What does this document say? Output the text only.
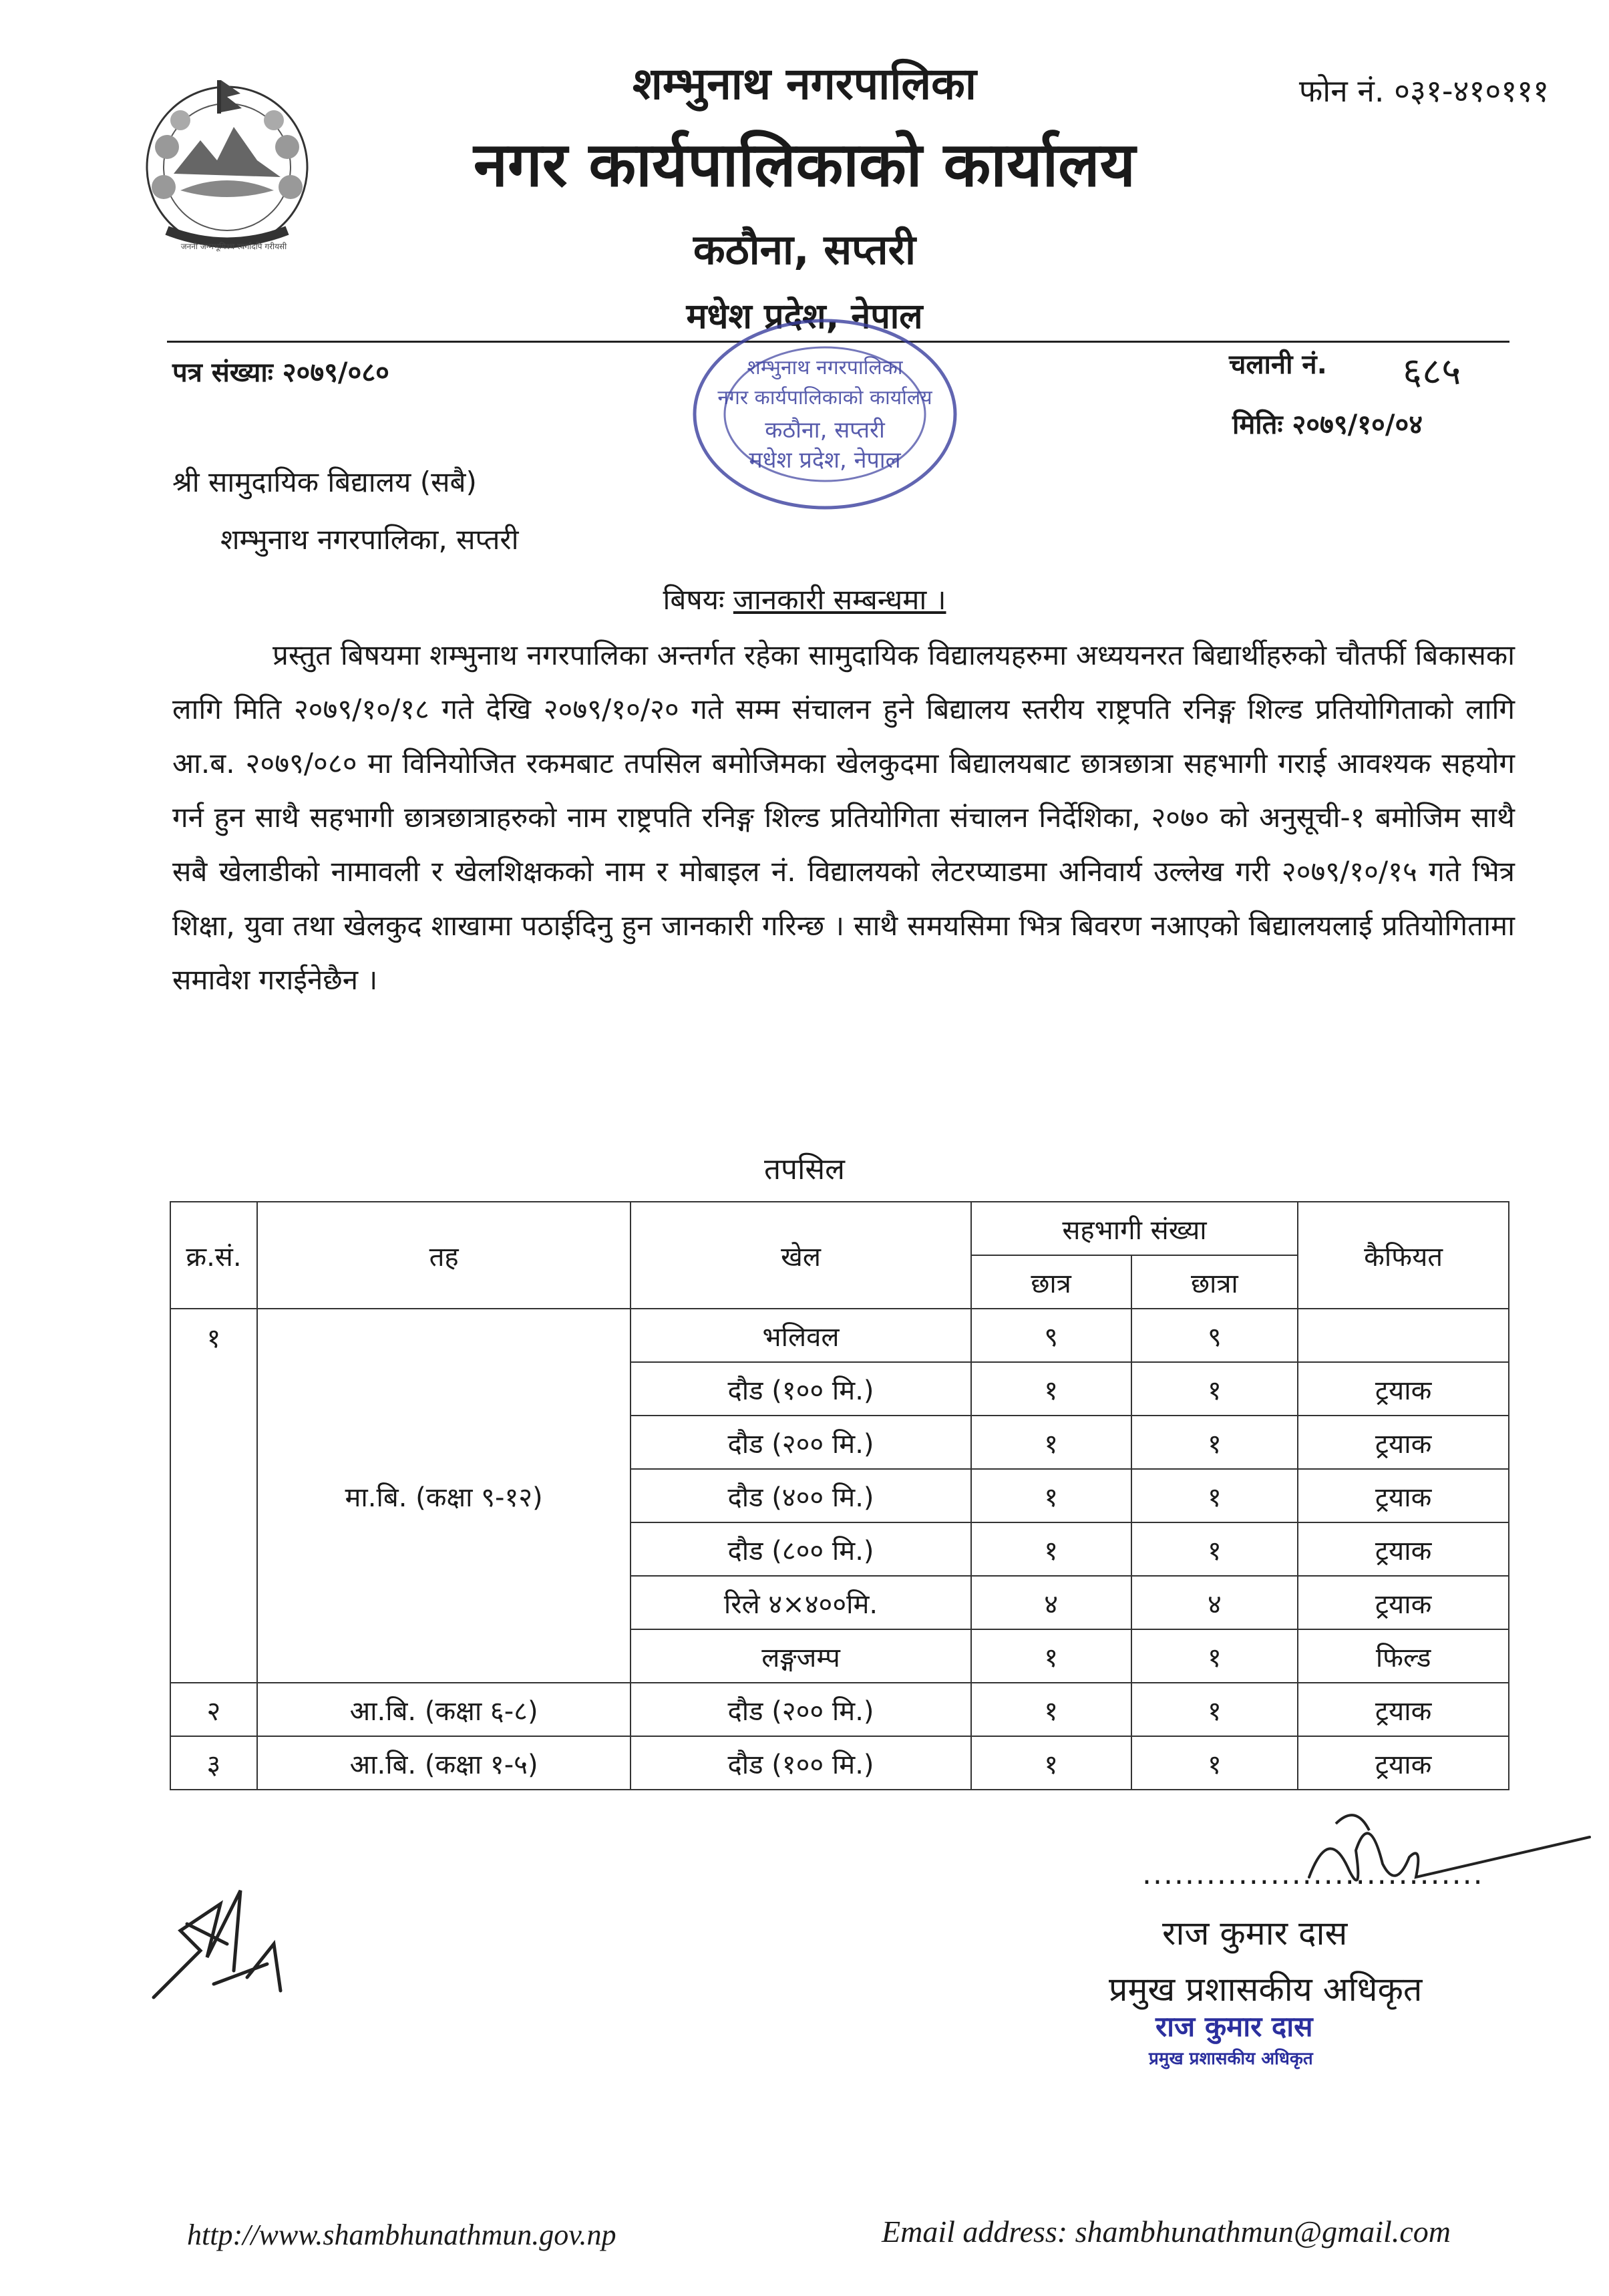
जननी जन्मभूमिश्च स्वर्गादपि गरीयसी
शम्भुनाथ नगरपालिका
नगर कार्यपालिकाको कार्यालय
कठौना, सप्तरी
मधेश प्रदेश, नेपाल
फोन नं. ०३१-४१०१११
पत्र संख्याः २०७९/०८०	चलानी नं. ६८५
मितिः २०७९/१०/०४
शम्भुनाथ नगरपालिका
नगर कार्यपालिकाको कार्यालय
कठौना, सप्तरी
मधेश प्रदेश, नेपाल
श्री सामुदायिक बिद्यालय (सबै)
शम्भुनाथ नगरपालिका, सप्तरी
बिषयः जानकारी सम्बन्धमा ।
प्रस्तुत बिषयमा शम्भुनाथ नगरपालिका अन्तर्गत रहेका सामुदायिक विद्यालयहरुमा अध्ययनरत बिद्यार्थीहरुको चौतर्फी बिकासका लागि मिति २०७९/१०/१८ गते देखि २०७९/१०/२० गते सम्म संचालन हुने बिद्यालय स्तरीय राष्ट्रपति रनिङ्ग शिल्ड प्रतियोगिताको लागि आ.ब. २०७९/०८० मा विनियोजित रकमबाट तपसिल बमोजिमका खेलकुदमा बिद्यालयबाट छात्रछात्रा सहभागी गराई आवश्यक सहयोग गर्न हुन साथै सहभागी छात्रछात्राहरुको नाम राष्ट्रपति रनिङ्ग शिल्ड प्रतियोगिता संचालन निर्देशिका, २०७० को अनुसूची-१ बमोजिम साथै सबै खेलाडीको नामावली र खेलशिक्षकको नाम र मोबाइल नं. विद्यालयको लेटरप्याडमा अनिवार्य उल्लेख गरी २०७९/१०/१५ गते भित्र शिक्षा, युवा तथा खेलकुद शाखामा पठाईदिनु हुन जानकारी गरिन्छ । साथै समयसिमा भित्र बिवरण नआएको बिद्यालयलाई प्रतियोगितामा समावेश गराईनेछैन ।
तपसिल
क्र.सं.	तह	खेल	सहभागी संख्या		कैफियत
			छात्र	छात्रा	
१	मा.बि. (कक्षा ९-१२)	भलिवल	९	९	
		दौड (१०० मि.)	१	१	ट्रयाक
		दौड (२०० मि.)	१	१	ट्रयाक
		दौड (४०० मि.)	१	१	ट्रयाक
		दौड (८०० मि.)	१	१	ट्रयाक
		रिले ४×४००मि.	४	४	ट्रयाक
		लङ्गजम्प	१	१	फिल्ड
२	आ.बि. (कक्षा ६-८)	दौड (२०० मि.)	१	१	ट्रयाक
३	आ.बि. (कक्षा १-५)	दौड (१०० मि.)	१	१	ट्रयाक
................................
राज कुमार दास
प्रमुख प्रशासकीय अधिकृत
राज कुमार दास
प्रमुख प्रशासकीय अधिकृत
http://www.shambhunathmun.gov.np	Email address: shambhunathmun@gmail.com
